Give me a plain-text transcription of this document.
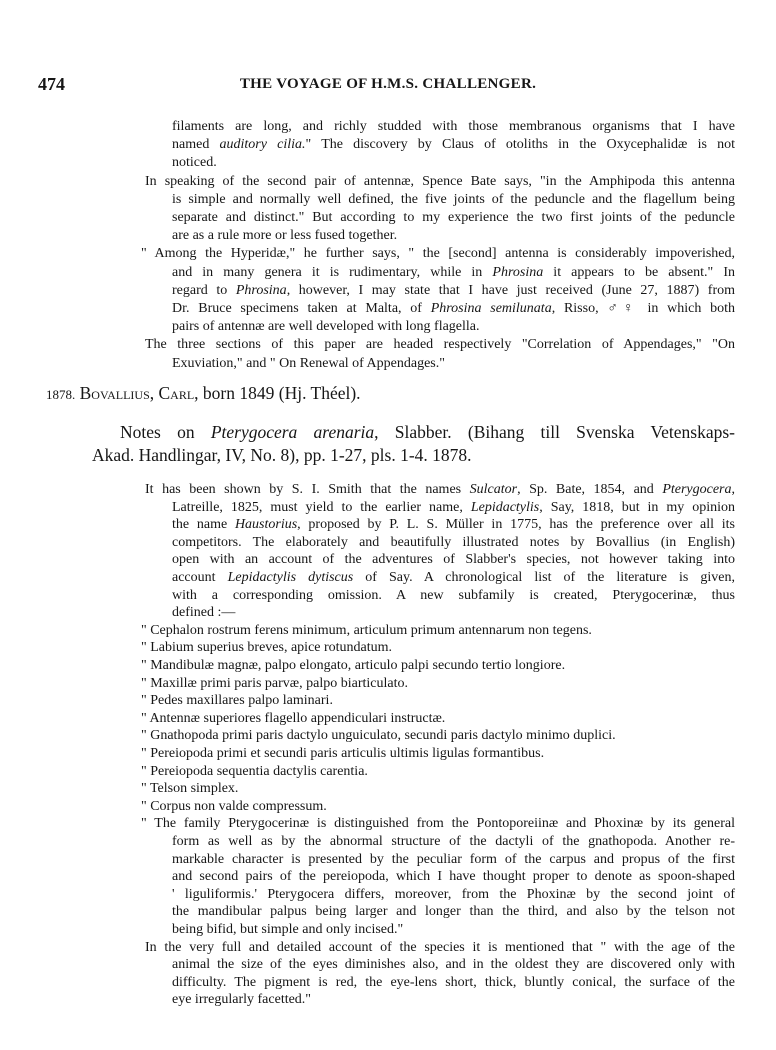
474	THE VOYAGE OF H.M.S. CHALLENGER.
1878. Bovallius, Carl, born 1849 (Hj. Théel).
filaments are long, and richly studded with those membranous organisms that I have
named auditory cilia." The discovery by Claus of otoliths in the Oxycephalidæ is not
noticed.
In speaking of the second pair of antennæ, Spence Bate says, "in the Amphipoda this antenna
is simple and normally well defined, the five joints of the peduncle and the flagellum being
separate and distinct." But according to my experience the two first joints of the peduncle
are as a rule more or less fused together.
" Among the Hyperidæ," he further says, " the [second] antenna is considerably impoverished,
and in many genera it is rudimentary, while in Phrosina it appears to be absent." In
regard to Phrosina, however, I may state that I have just received (June 27, 1887) from
Dr. Bruce specimens taken at Malta, of Phrosina semilunata, Risso, ♂♀ in which both
pairs of antennæ are well developed with long flagella.
The three sections of this paper are headed respectively "Correlation of Appendages," "On
Exuviation," and " On Renewal of Appendages."
Notes on Pterygocera arenaria, Slabber. (Bihang till Svenska Vetenskaps-
Akad. Handlingar, IV, No. 8), pp. 1-27, pls. 1-4. 1878.
It has been shown by S. I. Smith that the names Sulcator, Sp. Bate, 1854, and Pterygocera,
Latreille, 1825, must yield to the earlier name, Lepidactylis, Say, 1818, but in my opinion
the name Haustorius, proposed by P. L. S. Müller in 1775, has the preference over all its
competitors. The elaborately and beautifully illustrated notes by Bovallius (in English)
open with an account of the adventures of Slabber's species, not however taking into
account Lepidactylis dytiscus of Say. A chronological list of the literature is given,
with a corresponding omission. A new subfamily is created, Pterygocerinæ, thus
defined :—
" Cephalon rostrum ferens minimum, articulum primum antennarum non tegens.
" Labium superius breves, apice rotundatum.
" Mandibulæ magnæ, palpo elongato, articulo palpi secundo tertio longiore.
" Maxillæ primi paris parvæ, palpo biarticulato.
" Pedes maxillares palpo laminari.
" Antennæ superiores flagello appendiculari instructæ.
" Gnathopoda primi paris dactylo unguiculato, secundi paris dactylo minimo duplici.
" Pereiopoda primi et secundi paris articulis ultimis ligulas formantibus.
" Pereiopoda sequentia dactylis carentia.
" Telson simplex.
" Corpus non valde compressum.
" The family Pterygocerinæ is distinguished from the Pontoporeiinæ and Phoxinæ by its general
form as well as by the abnormal structure of the dactyli of the gnathopoda. Another re-
markable character is presented by the peculiar form of the carpus and propus of the first
and second pairs of the pereiopoda, which I have thought proper to denote as spoon-shaped
' liguliformis.' Pterygocera differs, moreover, from the Phoxinæ by the second joint of
the mandibular palpus being larger and longer than the third, and also by the telson not
being bifid, but simple and only incised."
In the very full and detailed account of the species it is mentioned that " with the age of the
animal the size of the eyes diminishes also, and in the oldest they are discovered only with
difficulty. The pigment is red, the eye-lens short, thick, bluntly conical, the surface of the
eye irregularly facetted."
